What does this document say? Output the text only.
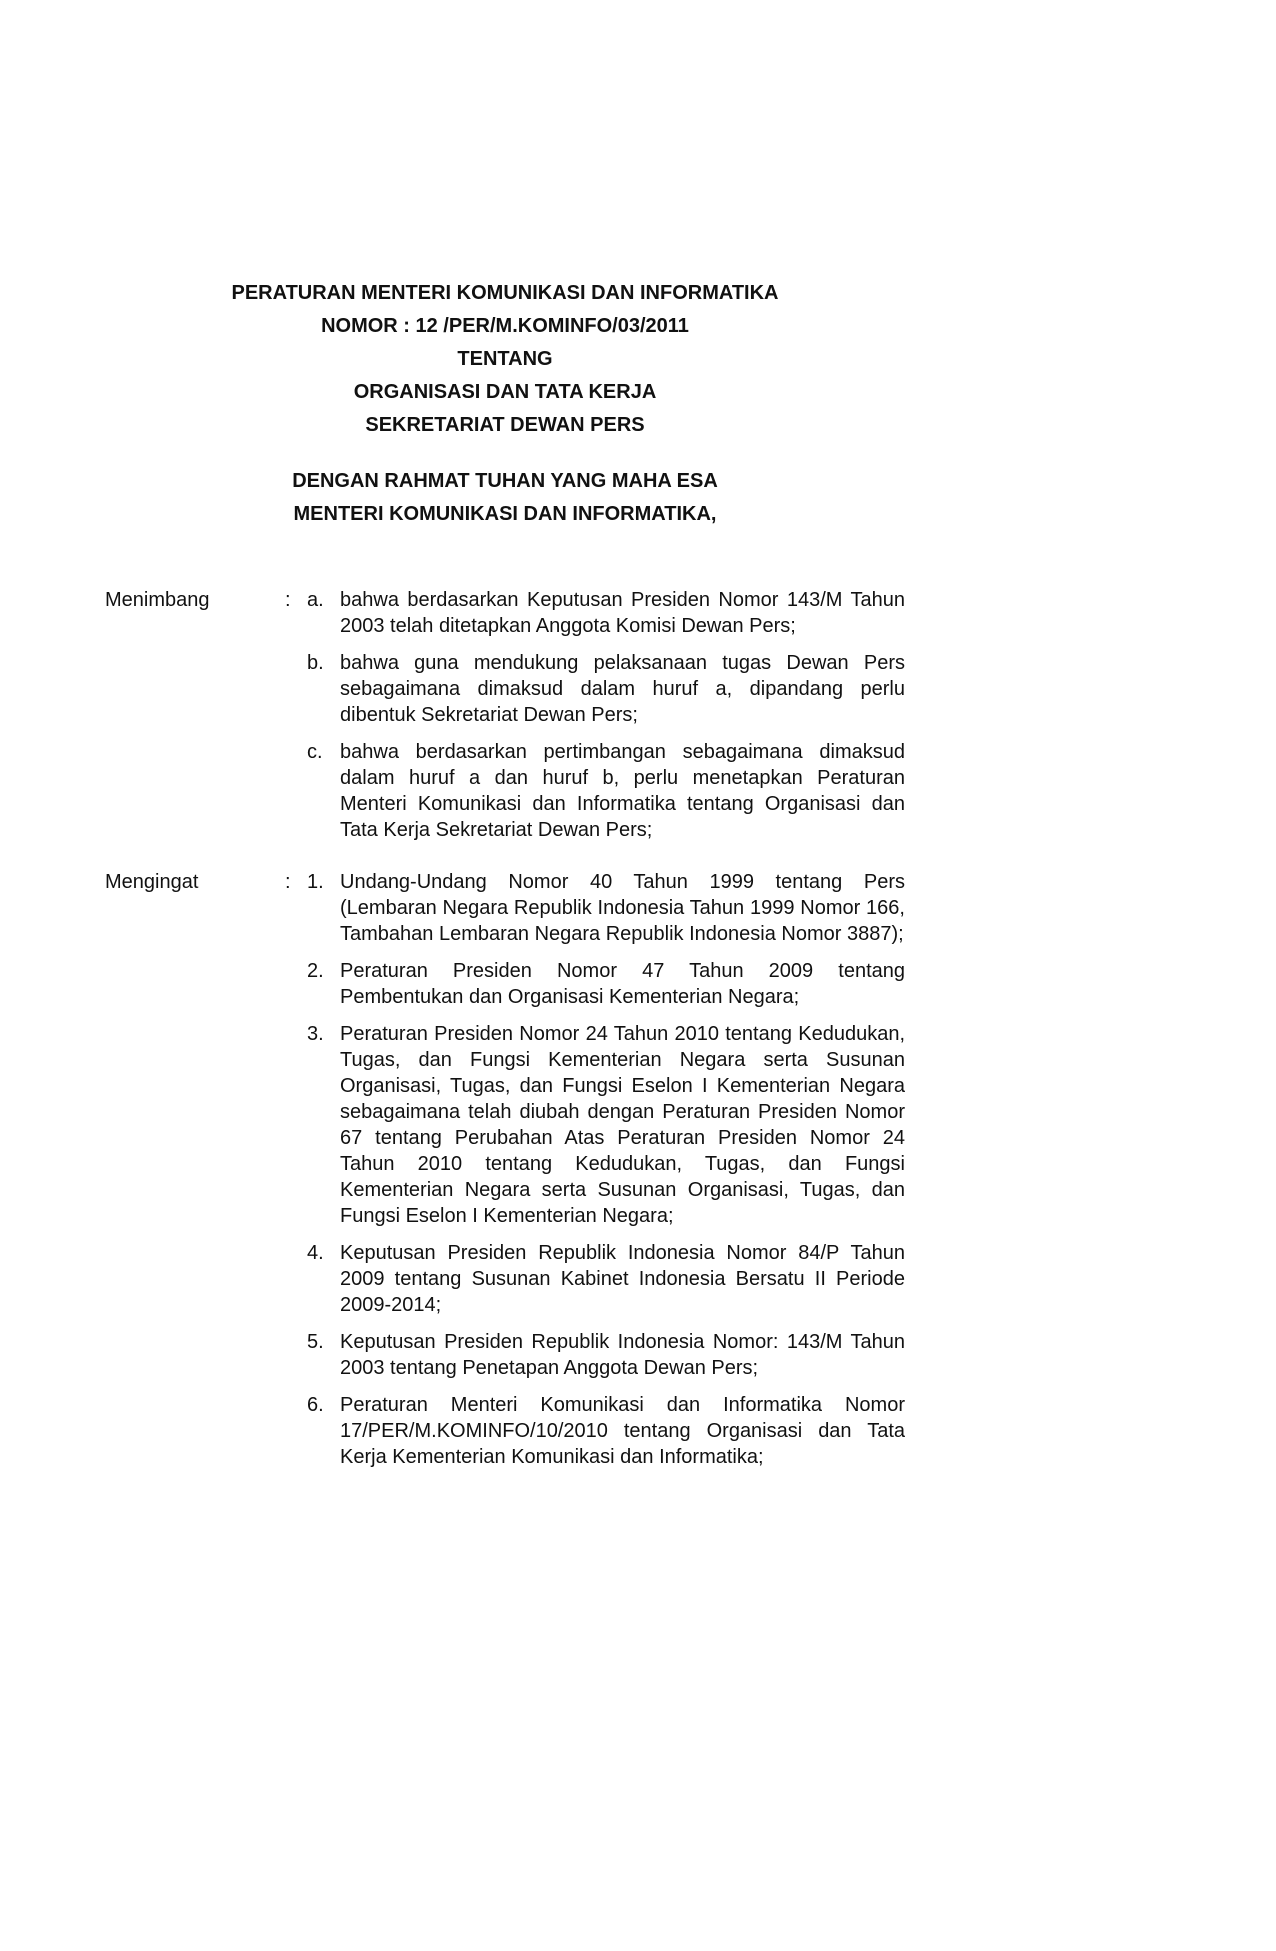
PERATURAN MENTERI KOMUNIKASI DAN INFORMATIKA
NOMOR : 12 /PER/M.KOMINFO/03/2011
TENTANG
ORGANISASI DAN TATA KERJA
SEKRETARIAT DEWAN PERS
DENGAN RAHMAT TUHAN YANG MAHA ESA
MENTERI KOMUNIKASI DAN INFORMATIKA,
Menimbang	: a. bahwa berdasarkan Keputusan Presiden Nomor 143/M Tahun 2003 telah ditetapkan Anggota Komisi Dewan Pers;
b. bahwa guna mendukung pelaksanaan tugas Dewan Pers sebagaimana dimaksud dalam huruf a, dipandang perlu dibentuk Sekretariat Dewan Pers;
c. bahwa berdasarkan pertimbangan sebagaimana dimaksud dalam huruf a dan huruf b, perlu menetapkan Peraturan Menteri Komunikasi dan Informatika tentang Organisasi dan Tata Kerja Sekretariat Dewan Pers;
Mengingat	: 1. Undang-Undang Nomor 40 Tahun 1999 tentang Pers (Lembaran Negara Republik Indonesia Tahun 1999 Nomor 166, Tambahan Lembaran Negara Republik Indonesia Nomor 3887);
2. Peraturan Presiden Nomor 47 Tahun 2009 tentang Pembentukan dan Organisasi Kementerian Negara;
3. Peraturan Presiden Nomor 24 Tahun 2010 tentang Kedudukan, Tugas, dan Fungsi Kementerian Negara serta Susunan Organisasi, Tugas, dan Fungsi Eselon I Kementerian Negara sebagaimana telah diubah dengan Peraturan Presiden Nomor 67 tentang Perubahan Atas Peraturan Presiden Nomor 24 Tahun 2010 tentang Kedudukan, Tugas, dan Fungsi Kementerian Negara serta Susunan Organisasi, Tugas, dan Fungsi Eselon I Kementerian Negara;
4. Keputusan Presiden Republik Indonesia Nomor 84/P Tahun 2009 tentang Susunan Kabinet Indonesia Bersatu II Periode 2009-2014;
5. Keputusan Presiden Republik Indonesia Nomor: 143/M Tahun 2003 tentang Penetapan Anggota Dewan Pers;
6. Peraturan Menteri Komunikasi dan Informatika Nomor 17/PER/M.KOMINFO/10/2010 tentang Organisasi dan Tata Kerja Kementerian Komunikasi dan Informatika;
